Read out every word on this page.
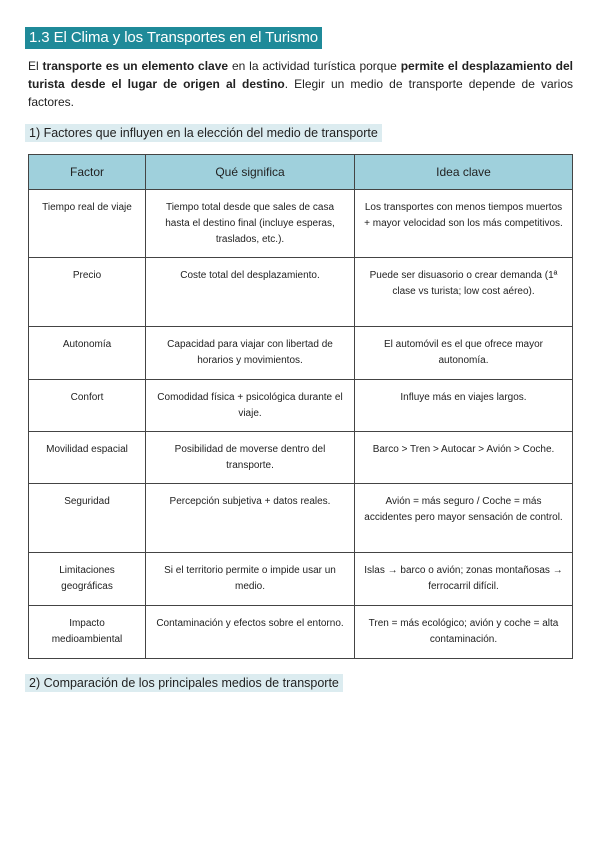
1.3 El Clima y los Transportes en el Turismo
El transporte es un elemento clave en la actividad turística porque permite el desplazamiento del turista desde el lugar de origen al destino. Elegir un medio de transporte depende de varios factores.
1) Factores que influyen en la elección del medio de transporte
Factor	Qué significa	Idea clave
Tiempo real de viaje	Tiempo total desde que sales de casa hasta el destino final (incluye esperas, traslados, etc.).	Los transportes con menos tiempos muertos + mayor velocidad son los más competitivos.
Precio	Coste total del desplazamiento.	Puede ser disuasorio o crear demanda (1ª clase vs turista; low cost aéreo).
Autonomía	Capacidad para viajar con libertad de horarios y movimientos.	El automóvil es el que ofrece mayor autonomía.
Confort	Comodidad física + psicológica durante el viaje.	Influye más en viajes largos.
Movilidad espacial	Posibilidad de moverse dentro del transporte.	Barco > Tren > Autocar > Avión > Coche.
Seguridad	Percepción subjetiva + datos reales.	Avión = más seguro / Coche = más accidentes pero mayor sensación de control.
Limitaciones geográficas	Si el territorio permite o impide usar un medio.	Islas → barco o avión; zonas montañosas → ferrocarril difícil.
Impacto medioambiental	Contaminación y efectos sobre el entorno.	Tren = más ecológico; avión y coche = alta contaminación.
2) Comparación de los principales medios de transporte
